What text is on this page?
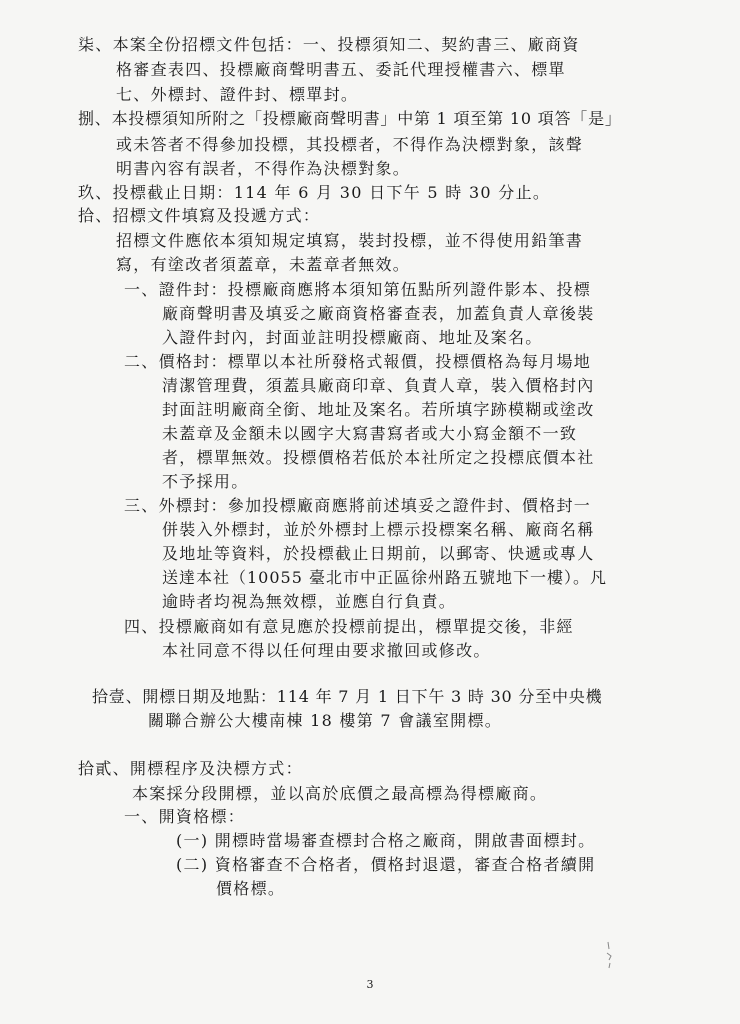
柒、本案全份招標文件包括：一、投標須知二、契約書三、廠商資
格審查表四、投標廠商聲明書五、委託代理授權書六、標單
七、外標封、證件封、標單封。
捌、本投標須知所附之「投標廠商聲明書」中第 1 項至第 10 項答「是」
或未答者不得參加投標，其投標者，不得作為決標對象，該聲
明書內容有誤者，不得作為決標對象。
玖、投標截止日期：114 年 6 月 30 日下午 5 時 30 分止。
拾、招標文件填寫及投遞方式：
招標文件應依本須知規定填寫，裝封投標，並不得使用鉛筆書
寫，有塗改者須蓋章，未蓋章者無效。
一、證件封：投標廠商應將本須知第伍點所列證件影本、投標
廠商聲明書及填妥之廠商資格審查表，加蓋負責人章後裝
入證件封內，封面並註明投標廠商、地址及案名。
二、價格封：標單以本社所發格式報價，投標價格為每月場地
清潔管理費，須蓋具廠商印章、負責人章，裝入價格封內
封面註明廠商全銜、地址及案名。若所填字跡模糊或塗改
未蓋章及金額未以國字大寫書寫者或大小寫金額不一致
者，標單無效。投標價格若低於本社所定之投標底價本社
不予採用。
三、外標封：參加投標廠商應將前述填妥之證件封、價格封一
併裝入外標封，並於外標封上標示投標案名稱、廠商名稱
及地址等資料，於投標截止日期前，以郵寄、快遞或專人
送達本社（10055 臺北市中正區徐州路五號地下一樓）。凡
逾時者均視為無效標，並應自行負責。
四、投標廠商如有意見應於投標前提出，標單提交後，非經
本社同意不得以任何理由要求撤回或修改。
拾壹、開標日期及地點：114 年 7 月 1 日下午 3 時 30 分至中央機
關聯合辦公大樓南棟 18 樓第 7 會議室開標。
拾貳、開標程序及決標方式：
本案採分段開標，並以高於底價之最高標為得標廠商。
一、開資格標：
(一) 開標時當場審查標封合格之廠商，開啟書面標封。
(二) 資格審查不合格者，價格封退還，審查合格者續開
價格標。
3
